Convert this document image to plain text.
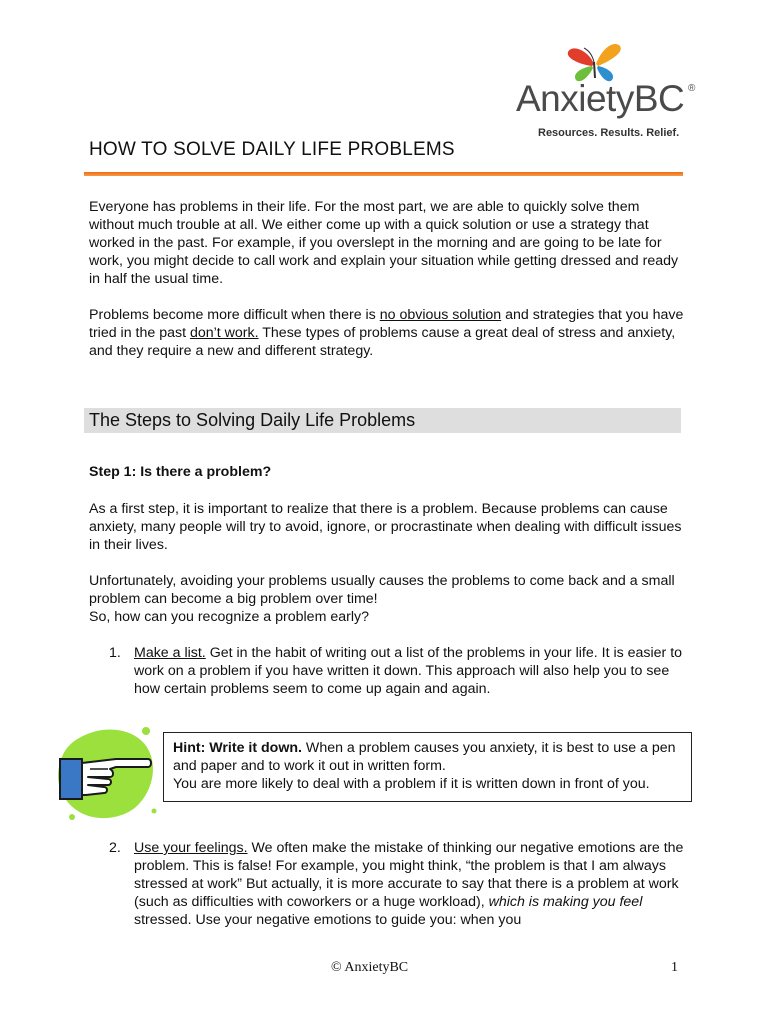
AnxietyBC ®
Resources. Results. Relief.
HOW TO SOLVE DAILY LIFE PROBLEMS

Everyone has problems in their life. For the most part, we are able to quickly solve them without much trouble at all. We either come up with a quick solution or use a strategy that worked in the past. For example, if you overslept in the morning and are going to be late for work, you might decide to call work and explain your situation while getting dressed and ready in half the usual time.

Problems become more difficult when there is no obvious solution and strategies that you have tried in the past don’t work. These types of problems cause a great deal of stress and anxiety, and they require a new and different strategy.

The Steps to Solving Daily Life Problems

Step 1: Is there a problem?

As a first step, it is important to realize that there is a problem. Because problems can cause anxiety, many people will try to avoid, ignore, or procrastinate when dealing with difficult issues in their lives.

Unfortunately, avoiding your problems usually causes the problems to come back and a small problem can become a big problem over time!
So, how can you recognize a problem early?

1. Make a list. Get in the habit of writing out a list of the problems in your life. It is easier to work on a problem if you have written it down. This approach will also help you to see how certain problems seem to come up again and again.

Hint: Write it down. When a problem causes you anxiety, it is best to use a pen and paper and to work it out in written form.
You are more likely to deal with a problem if it is written down in front of you.

2. Use your feelings. We often make the mistake of thinking our negative emotions are the problem. This is false! For example, you might think, “the problem is that I am always stressed at work” But actually, it is more accurate to say that there is a problem at work (such as difficulties with coworkers or a huge workload), which is making you feel stressed. Use your negative emotions to guide you: when you

© AnxietyBC	1
